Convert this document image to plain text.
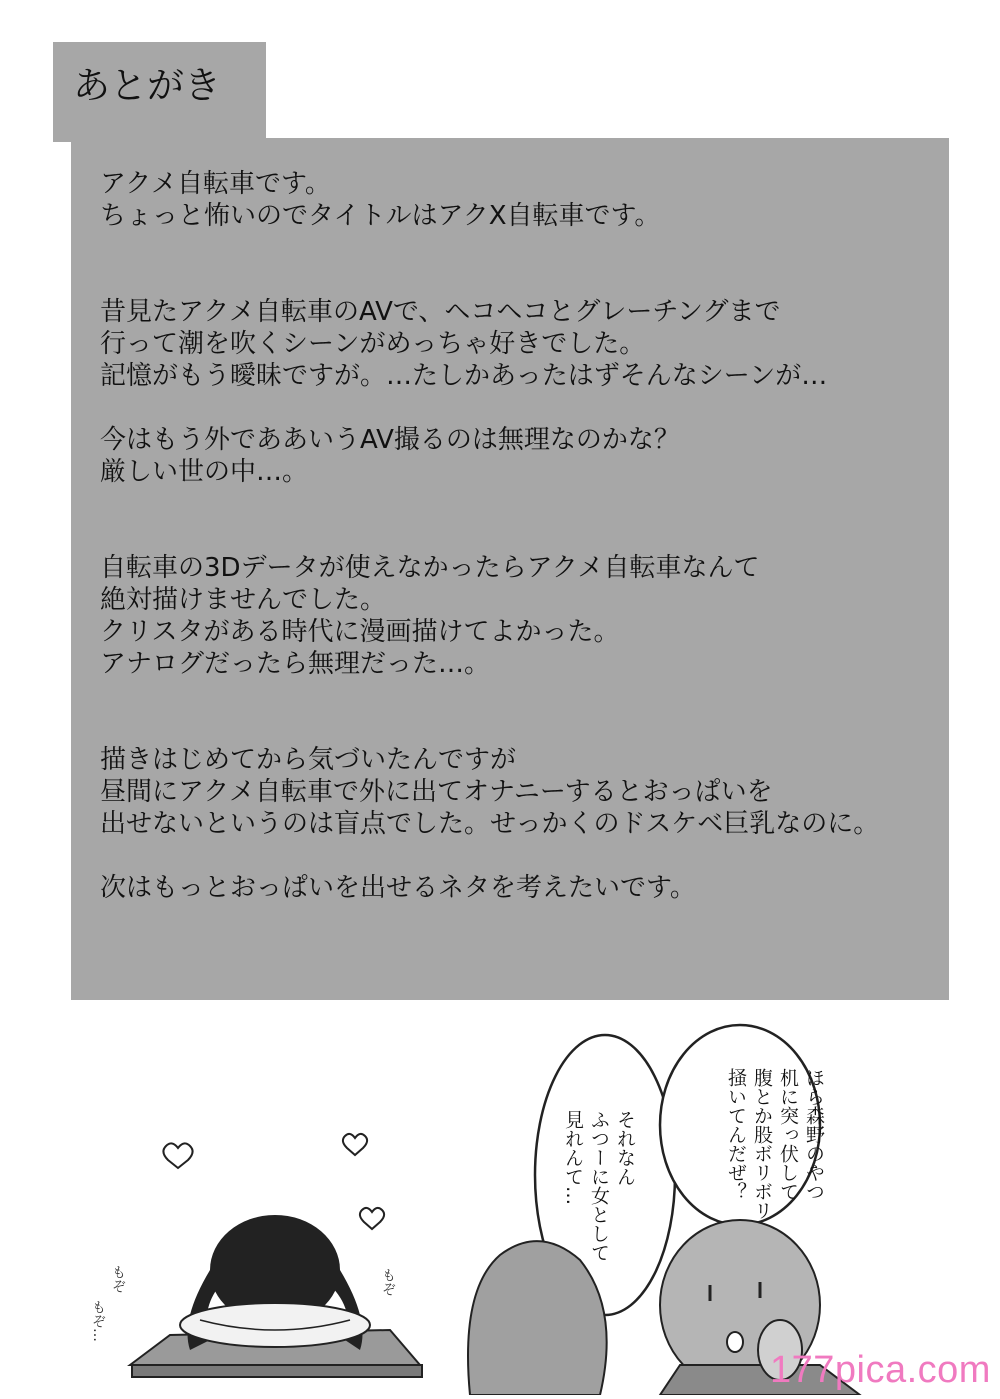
あとがき

アクメ自転車です。

ちょっと怖いのでタイトルはアクX自転車です。

昔見たアクメ自転車のAVで、ヘコヘコとグレーチングまで

行って潮を吹くシーンがめっちゃ好きでした。

記憶がもう曖昧ですが。…たしかあったはずそんなシーンが…

今はもう外でああいうAV撮るのは無理なのかな？

厳しい世の中…。

自転車の3Dデータが使えなかったらアクメ自転車なんて

絶対描けませんでした。

クリスタがある時代に漫画描けてよかった。

アナログだったら無理だった…。

描きはじめてから気づいたんですが

昼間にアクメ自転車で外に出てオナニーするとおっぱいを

出せないというのは盲点でした。せっかくのドスケベ巨乳なのに。

次はもっとおっぱいを出せるネタを考えたいです。

ほら森野のやつ
机に突っ伏して
腹とか股ボリボリ
掻いてんだぜ？
それなん
ふつーに女として
見れんて…
もぞ
もぞ…
もぞ
177pica.com
